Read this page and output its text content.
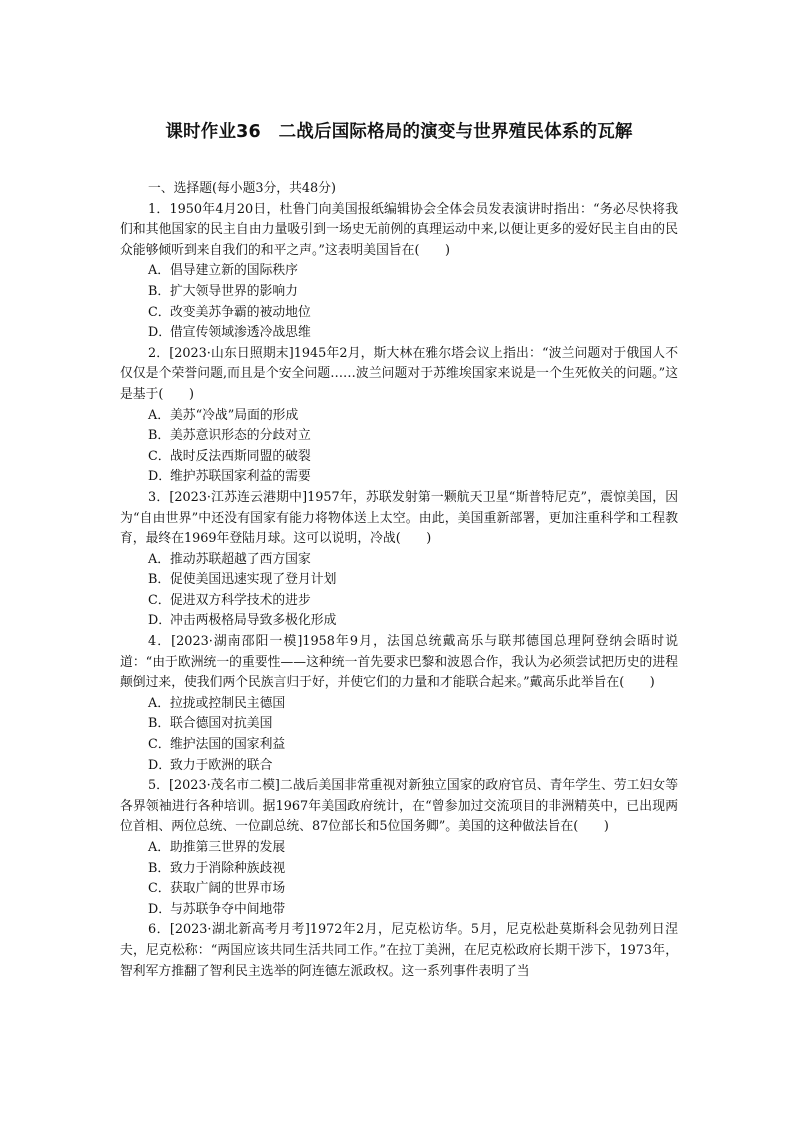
课时作业36　二战后国际格局的演变与世界殖民体系的瓦解

一、选择题(每小题3分，共48分)

1．1950年4月20日，杜鲁门向美国报纸编辑协会全体会员发表演讲时指出：“务必尽快将我们和其他国家的民主自由力量吸引到一场史无前例的真理运动中来,以便让更多的爱好民主自由的民众能够倾听到来自我们的和平之声。”这表明美国旨在(　　)

A．倡导建立新的国际秩序

B．扩大领导世界的影响力

C．改变美苏争霸的被动地位

D．借宣传领域渗透冷战思维

2．[2023·山东日照期末]1945年2月，斯大林在雅尔塔会议上指出：“波兰问题对于俄国人不仅仅是个荣誉问题,而且是个安全问题……波兰问题对于苏维埃国家来说是一个生死攸关的问题。”这是基于(　　)

A．美苏“冷战”局面的形成

B．美苏意识形态的分歧对立

C．战时反法西斯同盟的破裂

D．维护苏联国家利益的需要

3．[2023·江苏连云港期中]1957年，苏联发射第一颗航天卫星“斯普特尼克”，震惊美国，因为“自由世界”中还没有国家有能力将物体送上太空。由此，美国重新部署，更加注重科学和工程教育，最终在1969年登陆月球。这可以说明，冷战(　　)

A．推动苏联超越了西方国家

B．促使美国迅速实现了登月计划

C．促进双方科学技术的进步

D．冲击两极格局导致多极化形成

4．[2023·湖南邵阳一模]1958年9月，法国总统戴高乐与联邦德国总理阿登纳会晤时说道：“由于欧洲统一的重要性——这种统一首先要求巴黎和波恩合作，我认为必须尝试把历史的进程颠倒过来，使我们两个民族言归于好，并使它们的力量和才能联合起来。”戴高乐此举旨在(　　)

A．拉拢或控制民主德国

B．联合德国对抗美国

C．维护法国的国家利益

D．致力于欧洲的联合

5．[2023·茂名市二模]二战后美国非常重视对新独立国家的政府官员、青年学生、劳工妇女等各界领袖进行各种培训。据1967年美国政府统计，在“曾参加过交流项目的非洲精英中，已出现两位首相、两位总统、一位副总统、87位部长和5位国务卿”。美国的这种做法旨在(　　)

A．助推第三世界的发展

B．致力于消除种族歧视

C．获取广阔的世界市场

D．与苏联争夺中间地带

6．[2023·湖北新高考月考]1972年2月，尼克松访华。5月，尼克松赴莫斯科会见勃列日涅夫，尼克松称：“两国应该共同生活共同工作。”在拉丁美洲，在尼克松政府长期干涉下，1973年，智利军方推翻了智利民主选举的阿连德左派政权。这一系列事件表明了当
